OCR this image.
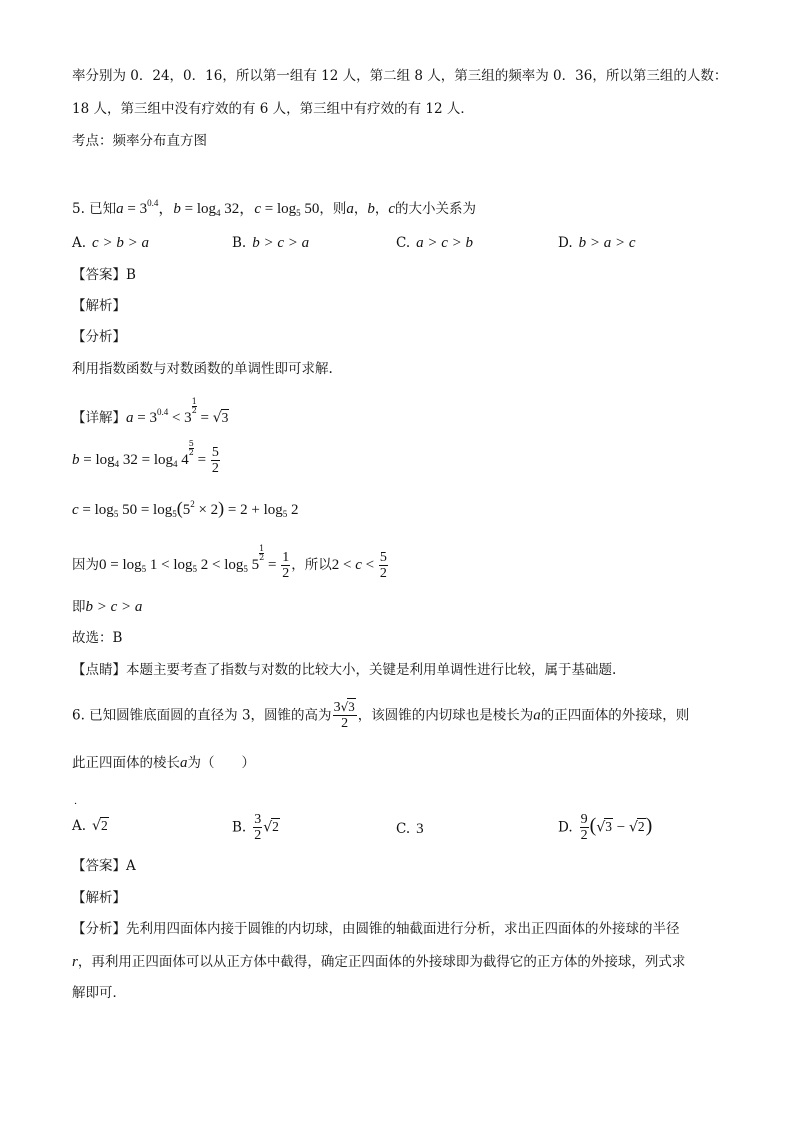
率分别为 0．24，0．16，所以第一组有 12 人，第二组 8 人，第三组的频率为 0．36，所以第三组的人数：
18 人，第三组中没有疗效的有 6 人，第三组中有疗效的有 12 人．
考点：频率分布直方图
5. 已知$a = 3^{0.4}$，$b = \log_4 32$，$c = \log_5 50$，则a，b，c的大小关系为
A. c > b > a	B. b > c > a	C. a > c > b	D. b > a > c
【答案】B
【解析】
【分析】
利用指数函数与对数函数的单调性即可求解.
【详解】$a = 3^{0.4} < 3$
$\frac{1}{2}$
= √3
$b = \log_4 32 = \log_4 4$
$\frac{5}{2}$
= $\frac{5}{2}$
$c = \log_5 50 = \log_5(5^2 \times 2) = 2 + \log_5 2$
因为$0 = \log_5 1 < \log_5 2 < \log_5 5$
$\frac{1}{2}$
= $\frac{1}{2}$ ，所以$2 < c < \frac{5}{2}$
即b > c > a
故选：B
【点睛】本题主要考查了指数与对数的比较大小，关键是利用单调性进行比较，属于基础题.
6. 已知圆锥底面圆的直径为 3，圆锥的高为 $\frac{3√3}{2}$ ，该圆锥的内切球也是棱长为a的正四面体的外接球，则
此正四面体的棱长a为（　　）
．
A. √2	B. $\frac{3}{2} √2$	C. 3	D. $\frac{9}{2} (√3 - √2)$
【答案】A
【解析】
【分析】先利用四面体内接于圆锥的内切球，由圆锥的轴截面进行分析，求出正四面体的外接球的半径
r，再利用正四面体可以从正方体中截得，确定正四面体的外接球即为截得它的正方体的外接球，列式求
解即可．
